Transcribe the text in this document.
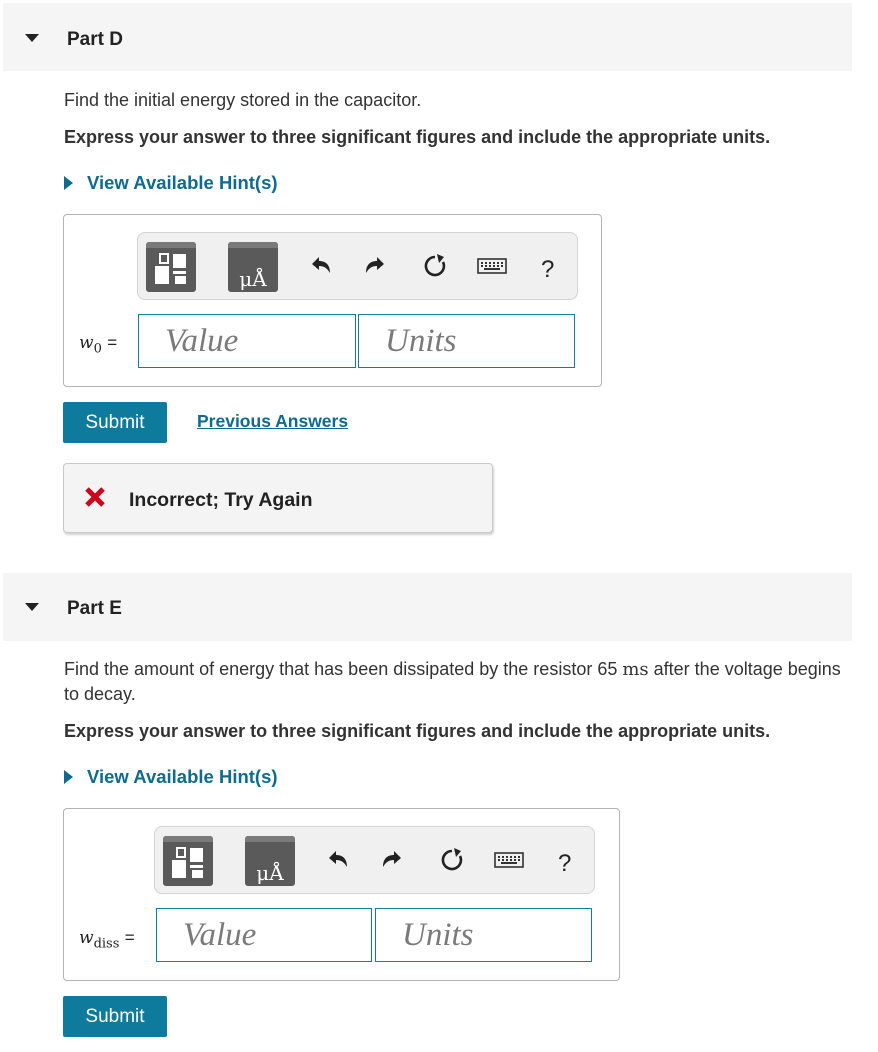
Part D
Find the initial energy stored in the capacitor.
Express your answer to three significant figures and include the appropriate units.
View Available Hint(s)
μÅ	?
$w_0$ =	Value	Units
Submit	Previous Answers
Incorrect; Try Again
Part E
Find the amount of energy that has been dissipated by the resistor 65 ms after the voltage begins to decay.
Express your answer to three significant figures and include the appropriate units.
View Available Hint(s)
μÅ	?
$w_{diss}$ =	Value	Units
Submit
